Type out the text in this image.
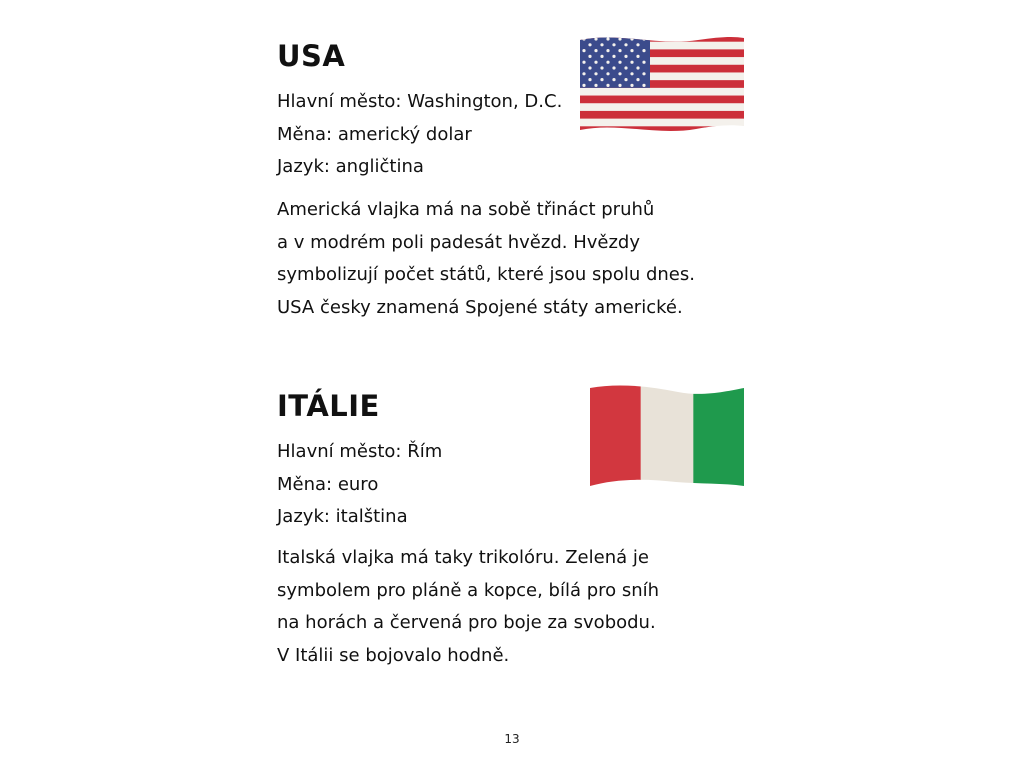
USA
Hlavní město: Washington, D.C.
Měna: americký dolar
Jazyk: angličtina
Americká vlajka má na sobě třináct pruhů
a v modrém poli padesát hvězd. Hvězdy
symbolizují počet států, které jsou spolu dnes.
USA česky znamená Spojené státy americké.
ITÁLIE
Hlavní město: Řím
Měna: euro
Jazyk: italština
Italská vlajka má taky trikolóru. Zelená je
symbolem pro pláně a kopce, bílá pro sníh
na horách a červená pro boje za svobodu.
V Itálii se bojovalo hodně.
13
